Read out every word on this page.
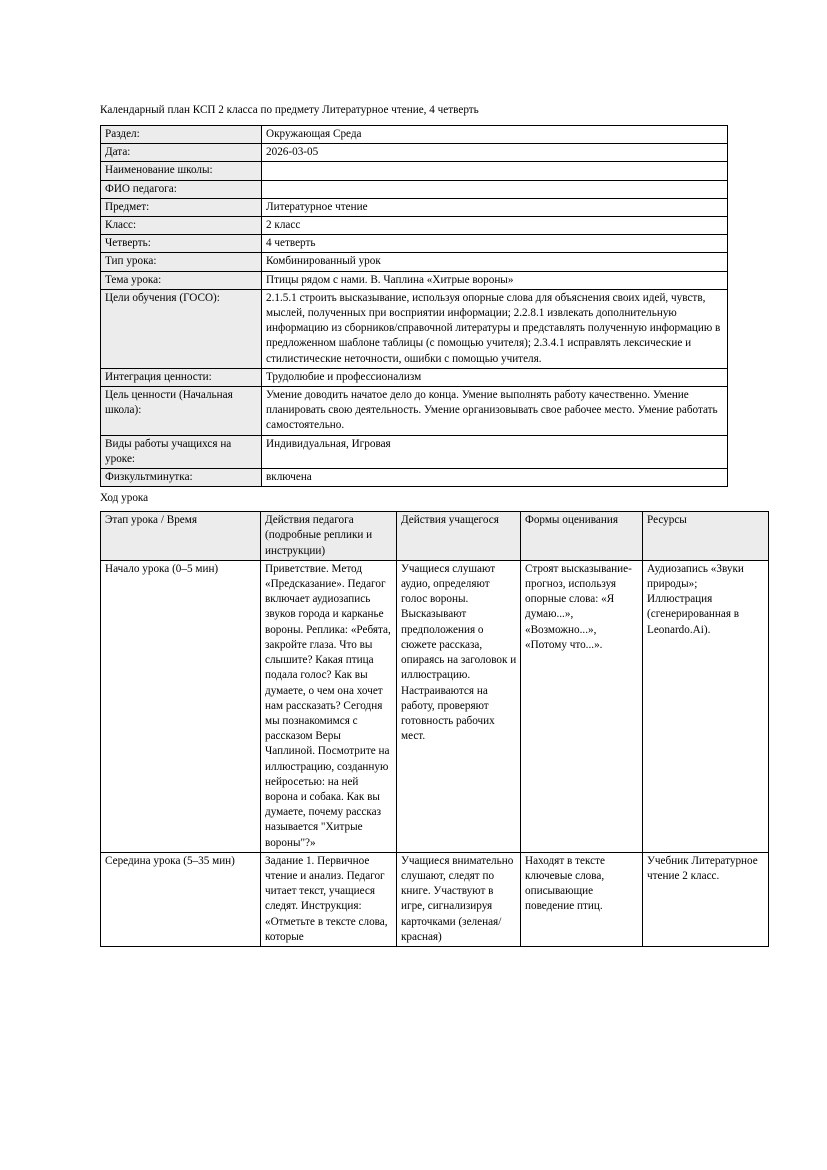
Календарный план КСП 2 класса по предмету Литературное чтение, 4 четверть
Раздел:	Окружающая Среда
Дата:	2026-03-05
Наименование школы:	
ФИО педагога:	
Предмет:	Литературное чтение
Класс:	2 класс
Четверть:	4 четверть
Тип урока:	Комбинированный урок
Тема урока:	Птицы рядом с нами. В. Чаплина «Хитрые вороны»
Цели обучения (ГОСО):	2.1.5.1 строить высказывание, используя опорные слова для объяснения своих идей, чувств, мыслей, полученных при восприятии информации; 2.2.8.1 извлекать дополнительную информацию из сборников/справочной литературы и представлять полученную информацию в предложенном шаблоне таблицы (с помощью учителя); 2.3.4.1 исправлять лексические и стилистические неточности, ошибки с помощью учителя.
Интеграция ценности:	Трудолюбие и профессионализм
Цель ценности (Начальная школа):	Умение доводить начатое дело до конца. Умение выполнять работу качественно. Умение планировать свою деятельность. Умение организовывать свое рабочее место. Умение работать самостоятельно.
Виды работы учащихся на уроке:	Индивидуальная, Игровая
Физкультминутка:	включена
Ход урока
Этап урока / Время	Действия педагога (подробные реплики и инструкции)	Действия учащегося	Формы оценивания	Ресурсы
Начало урока (0–5 мин)	Приветствие. Метод «Предсказание». Педагог включает аудиозапись звуков города и карканье вороны. Реплика: «Ребята, закройте глаза. Что вы слышите? Какая птица подала голос? Как вы думаете, о чем она хочет нам рассказать? Сегодня мы познакомимся с рассказом Веры Чаплиной. Посмотрите на иллюстрацию, созданную нейросетью: на ней ворона и собака. Как вы думаете, почему рассказ называется "Хитрые вороны"?»	Учащиеся слушают аудио, определяют голос вороны. Высказывают предположения о сюжете рассказа, опираясь на заголовок и иллюстрацию. Настраиваются на работу, проверяют готовность рабочих мест.	Строят высказывание-прогноз, используя опорные слова: «Я думаю...», «Возможно...», «Потому что...».	Аудиозапись «Звуки природы»; Иллюстрация (сгенерированная в Leonardo.Ai).
Середина урока (5–35 мин)	Задание 1. Первичное чтение и анализ. Педагог читает текст, учащиеся следят. Инструкция: «Отметьте в тексте слова, которые	Учащиеся внимательно слушают, следят по книге. Участвуют в игре, сигнализируя карточками (зеленая/красная)	Находят в тексте ключевые слова, описывающие поведение птиц.	Учебник Литературное чтение 2 класс.
